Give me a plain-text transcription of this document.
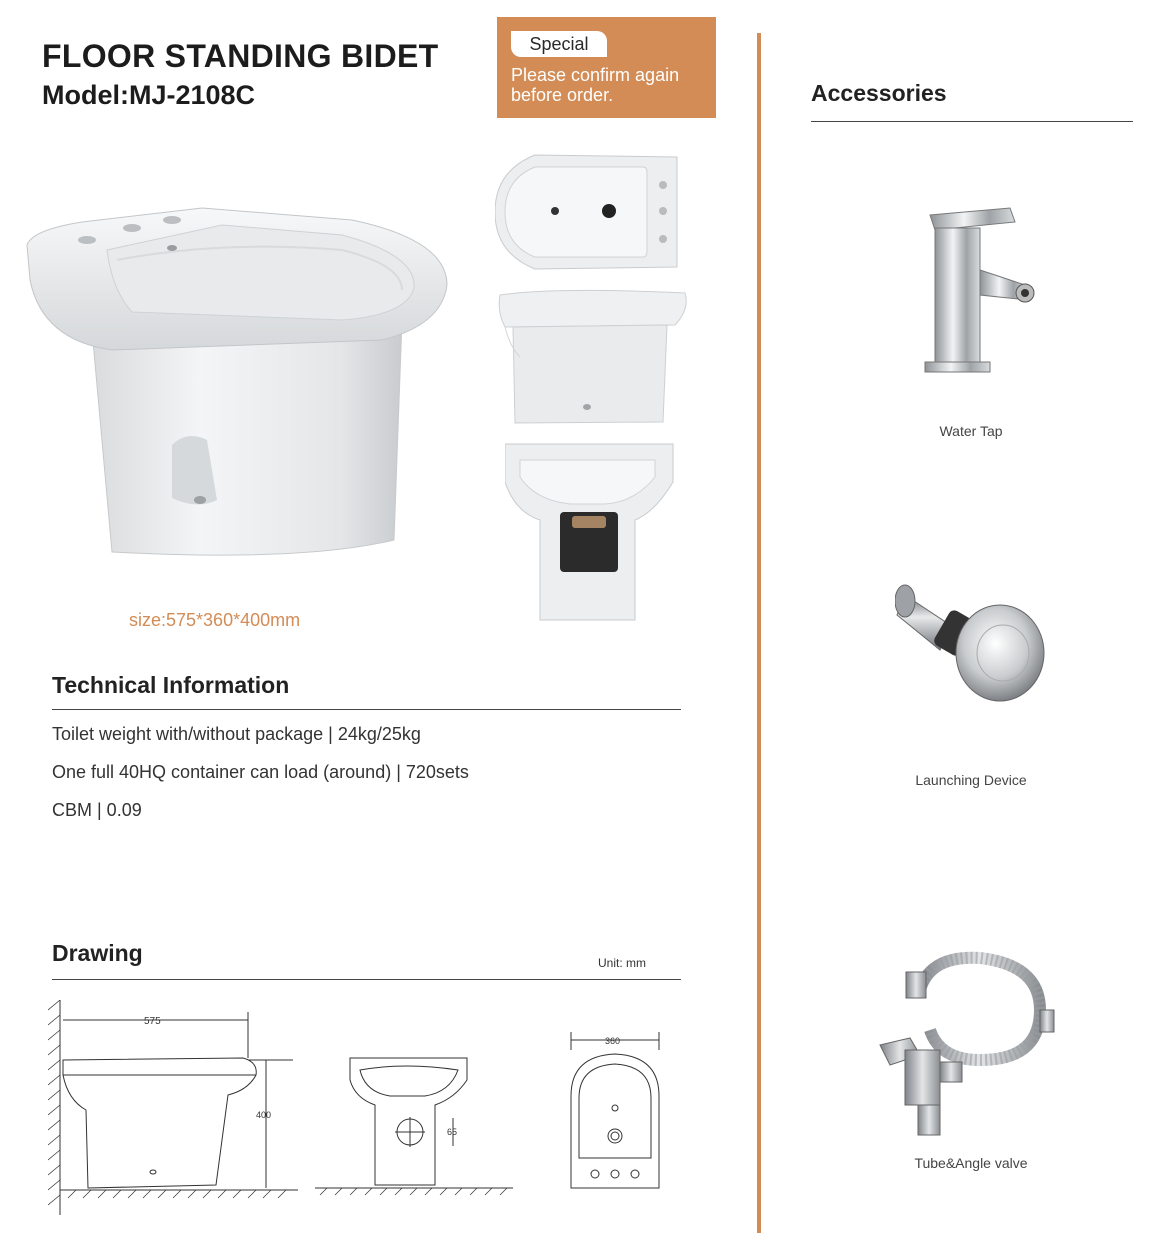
FLOOR STANDING BIDET
Model:MJ-2108C
Special
Please confirm again
before order.
size:575*360*400mm
Technical Information
Toilet weight with/without package | 24kg/25kg
One full 40HQ container can load (around) | 720sets
CBM | 0.09
Drawing	Unit: mm
575
400
65
360
Accessories
Water Tap
Launching Device
Tube&Angle valve
